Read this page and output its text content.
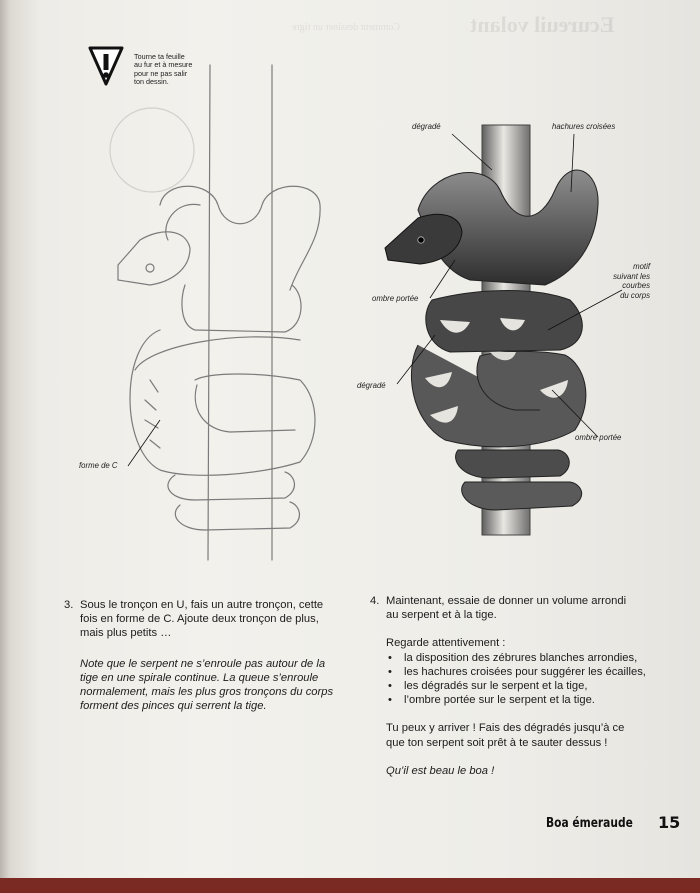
Ecureuil volant
Comment dessiner un tigre
Tourne ta feuille
au fur et à mesure
pour ne pas salir
ton dessin.
dégradé	hachures croisées
motif
suivant les
courbes
du corps
ombre portée
dégradé
ombre portée
forme de C
3. Sous le tronçon en U, fais un autre tronçon, cette

fois en forme de C. Ajoute deux tronçon de plus,

mais plus petits …

Note que le serpent ne s’enroule pas autour de la

tige en une spirale continue. La queue s’enroule

normalement, mais les plus gros tronçons du corps

forment des pinces qui serrent la tige.

4. Maintenant, essaie de donner un volume arrondi

au serpent et à la tige.

Regarde attentivement :

• la disposition des zébrures blanches arrondies,
• les hachures croisées pour suggérer les écailles,
• les dégradés sur le serpent et la tige,
• l’ombre portée sur le serpent et la tige.

Tu peux y arriver ! Fais des dégradés jusqu’à ce

que ton serpent soit prêt à te sauter dessus !

Qu’il est beau le boa !

Boa émeraude 15
